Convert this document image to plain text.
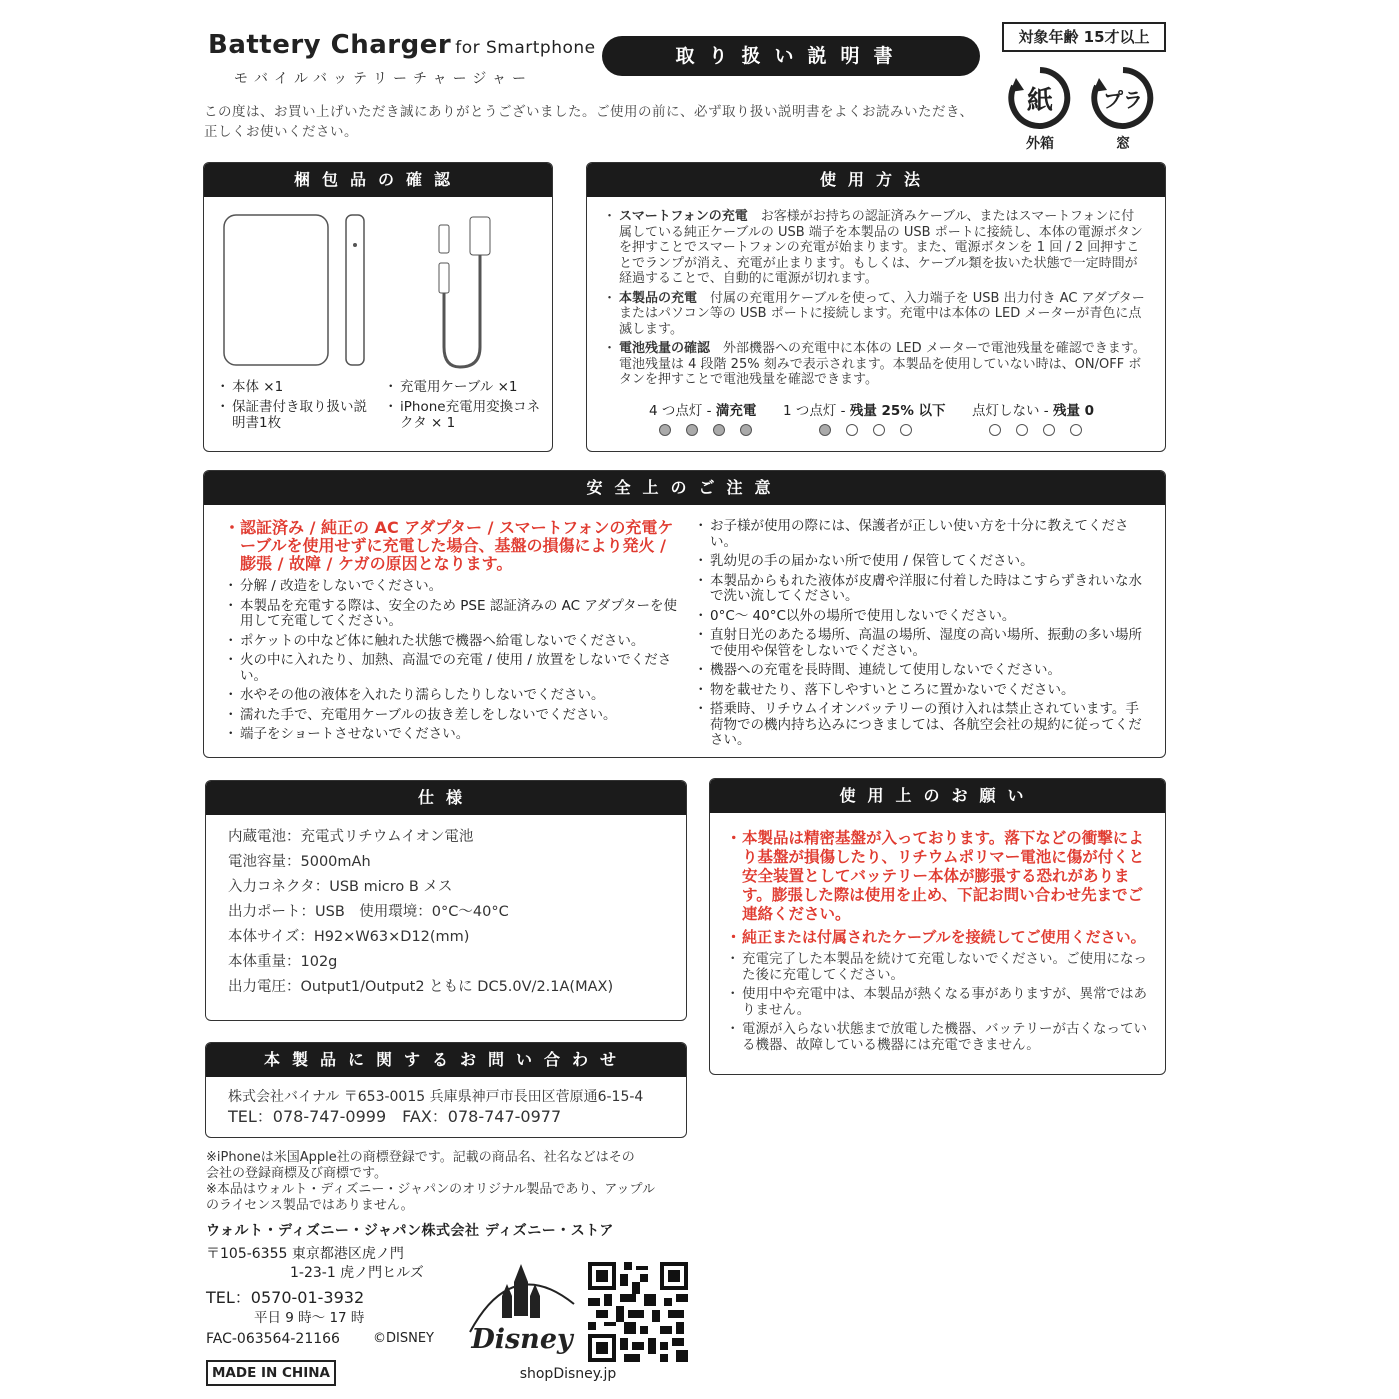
Battery Charger for Smartphone
モバイルバッテリーチャージャー
取り扱い説明書
対象年齢 15才以上
この度は、お買い上げいただき誠にありがとうございました。ご使用の前に、必ず取り扱い説明書をよくお読みいただき、正しくお使いください。
紙
外箱
プラ
窓
梱包品の確認
・ 本体 ×1
・ 保証書付き取り扱い説明書1枚
・ 充電用ケーブル ×1
・ iPhone充電用変換コネクタ × 1
使用方法
・ スマートフォンの充電　 お客様がお持ちの認証済みケーブル、またはスマートフォンに付属している純正ケーブルの USB 端子を本製品の USB ポートに接続し、本体の電源ボタンを押すことでスマートフォンの充電が始まります。また、電源ボタンを 1 回 / 2 回押すことでランプが消え、充電が止まります。もしくは、ケーブル類を抜いた状態で一定時間が経過することで、自動的に電源が切れます。
・ 本製品の充電　 付属の充電用ケーブルを使って、入力端子を USB 出力付き AC アダプターまたはパソコン等の USB ポートに接続します。充電中は本体の LED メーターが青色に点滅します。
・ 電池残量の確認　 外部機器への充電中に本体の LED メーターで電池残量を確認できます。電池残量は 4 段階 25% 刻みで表示されます。本製品を使用していない時は、ON/OFF ボタンを押すことで電池残量を確認できます。
4 つ点灯 - 満充電 1 つ点灯 - 残量 25% 以下 点灯しない - 残量 0
安全上のご注意
・ 認証済み / 純正の AC アダプター / スマートフォンの充電ケーブルを使用せずに充電した場合、基盤の損傷により発火 / 膨張 / 故障 / ケガの原因となります。
・ 分解 / 改造をしないでください。
・ 本製品を充電する際は、安全のため PSE 認証済みの AC アダプターを使用して充電してください。
・ ポケットの中など体に触れた状態で機器へ給電しないでください。
・ 火の中に入れたり、加熱、高温での充電 / 使用 / 放置をしないでください。
・ 水やその他の液体を入れたり濡らしたりしないでください。
・ 濡れた手で、充電用ケーブルの抜き差しをしないでください。
・ 端子をショートさせないでください。
・ お子様が使用の際には、保護者が正しい使い方を十分に教えてください。
・ 乳幼児の手の届かない所で使用 / 保管してください。
・ 本製品からもれた液体が皮膚や洋服に付着した時はこすらずきれいな水で洗い流してください。
・ 0°C〜 40°C以外の場所で使用しないでください。
・ 直射日光のあたる場所、高温の場所、湿度の高い場所、振動の多い場所で使用や保管をしないでください。
・ 機器への充電を長時間、連続して使用しないでください。
・ 物を載せたり、落下しやすいところに置かないでください。
・ 搭乗時、リチウムイオンバッテリーの預け入れは禁止されています。手荷物での機内持ち込みにつきましては、各航空会社の規約に従ってください。
仕様
内蔵電池：充電式リチウムイオン電池
電池容量：5000mAh
入力コネクタ：USB micro B メス
出力ポート：USB　使用環境：0°C〜40°C
本体サイズ：H92×W63×D12(mm)
本体重量：102g
出力電圧：Output1/Output2 ともに DC5.0V/2.1A(MAX)
使用上のお願い
・ 本製品は精密基盤が入っております。落下などの衝撃により基盤が損傷したり、リチウムポリマー電池に傷が付くと安全装置としてバッテリー本体が膨張する恐れがあります。膨張した際は使用を止め、下記お問い合わせ先までご連絡ください。
・ 純正または付属されたケーブルを接続してご使用ください。
・ 充電完了した本製品を続けて充電しないでください。ご使用になった後に充電してください。
・ 使用中や充電中は、本製品が熱くなる事がありますが、異常ではありません。
・ 電源が入らない状態まで放電した機器、バッテリーが古くなっている機器、故障している機器には充電できません。
本製品に関するお問い合わせ
株式会社バイナル 〒653-0015 兵庫県神戸市長田区菅原通6-15-4
TEL：078-747-0999　FAX：078-747-0977
※iPhoneは米国Apple社の商標登録です。記載の商品名、社名などはその会社の登録商標及び商標です。
※本品はウォルト・ディズニー・ジャパンのオリジナル製品であり、アップルのライセンス製品ではありません。
ウォルト・ディズニー・ジャパン株式会社 ディズニー・ストア
〒105-6355 東京都港区虎ノ門
1-23-1 虎ノ門ヒルズ
TEL：0570-01-3932
平日 9 時〜 17 時
FAC-063564-21166	©DISNEY
MADE IN CHINA
Disney
shopDisney.jp
